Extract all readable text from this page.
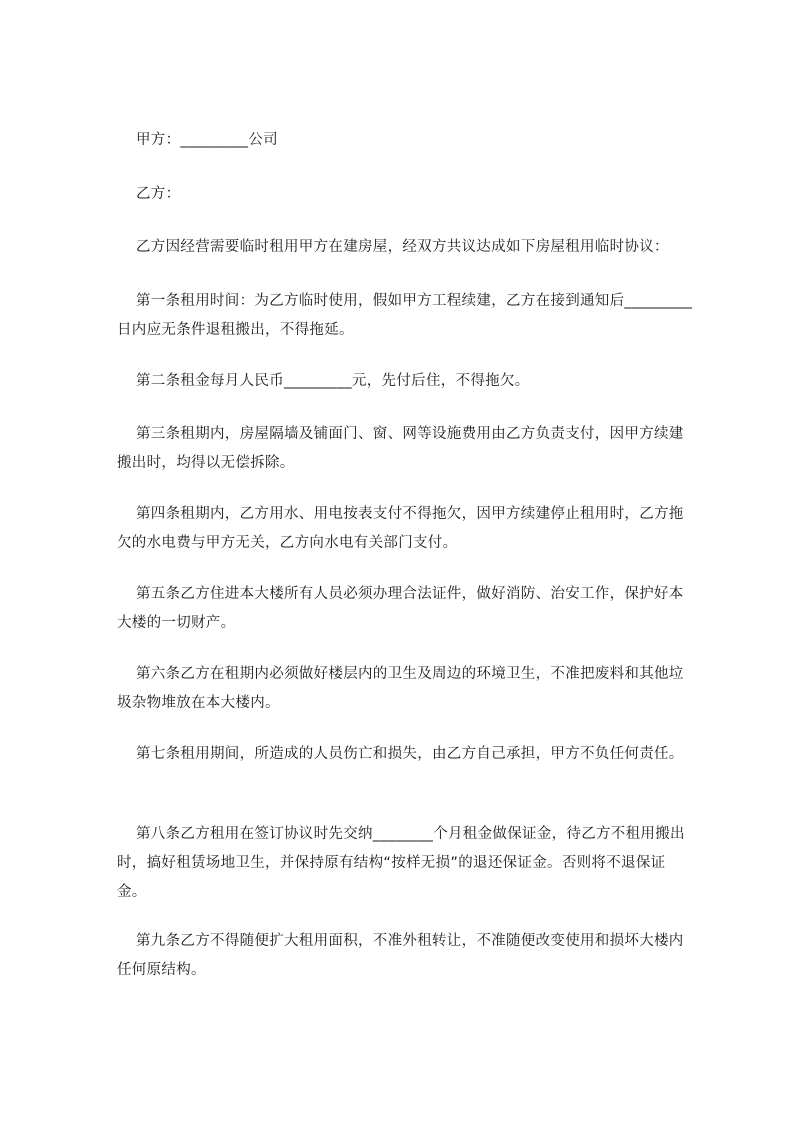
甲方：_________公司

乙方：

乙方因经营需要临时租用甲方在建房屋，经双方共议达成如下房屋租用临时协议：

第一条租用时间：为乙方临时使用，假如甲方工程续建，乙方在接到通知后_________日内应无条件退租搬出，不得拖延。

第二条租金每月人民币_________元，先付后住，不得拖欠。

第三条租期内，房屋隔墙及铺面门、窗、网等设施费用由乙方负责支付，因甲方续建搬出时，均得以无偿拆除。

第四条租期内，乙方用水、用电按表支付不得拖欠，因甲方续建停止租用时，乙方拖欠的水电费与甲方无关，乙方向水电有关部门支付。

第五条乙方住进本大楼所有人员必须办理合法证件，做好消防、治安工作，保护好本大楼的一切财产。

第六条乙方在租期内必须做好楼层内的卫生及周边的环境卫生，不准把废料和其他垃圾杂物堆放在本大楼内。

第七条租用期间，所造成的人员伤亡和损失，由乙方自己承担，甲方不负任何责任。

第八条乙方租用在签订协议时先交纳________个月租金做保证金，待乙方不租用搬出时，搞好租赁场地卫生，并保持原有结构“按样无损”的退还保证金。否则将不退保证金。

第九条乙方不得随便扩大租用面积，不准外租转让，不准随便改变使用和损坏大楼内任何原结构。
